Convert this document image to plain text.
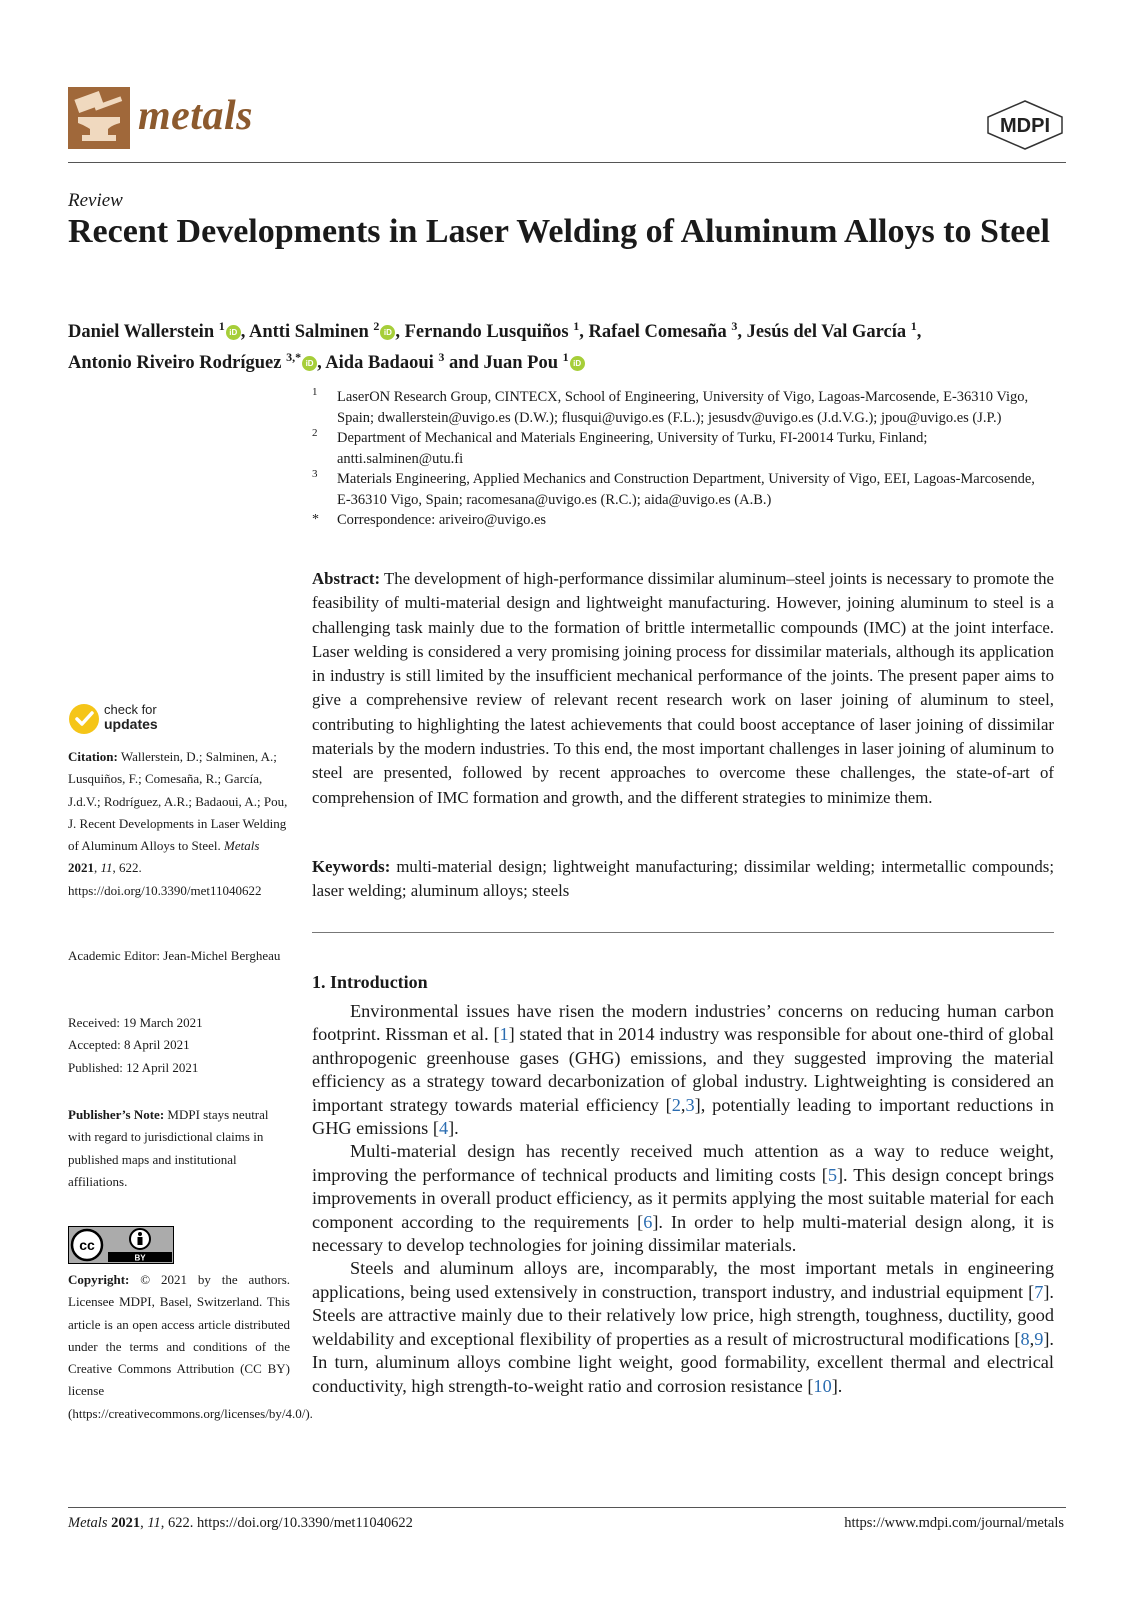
metals	MDPI
Review
Recent Developments in Laser Welding of Aluminum Alloys to Steel
Daniel Wallerstein $^1$ iD , Antti Salminen $^2$ iD , Fernando Lusquiños $^1$, Rafael Comesaña $^3$, Jesús del Val García $^1$,
Antonio Riveiro Rodríguez $^{3,*}$ iD , Aida Badaoui $^3$ and Juan Pou $^1$ iD
1 LaserON Research Group, CINTECX, School of Engineering, University of Vigo, Lagoas-Marcosende, E-36310 Vigo, Spain; dwallerstein@uvigo.es (D.W.); flusqui@uvigo.es (F.L.); jesusdv@uvigo.es (J.d.V.G.); jpou@uvigo.es (J.P.)
2 Department of Mechanical and Materials Engineering, University of Turku, FI-20014 Turku, Finland; antti.salminen@utu.fi
3 Materials Engineering, Applied Mechanics and Construction Department, University of Vigo, EEI, Lagoas-Marcosende, E-36310 Vigo, Spain; racomesana@uvigo.es (R.C.); aida@uvigo.es (A.B.)
* Correspondence: ariveiro@uvigo.es

Abstract: The development of high-performance dissimilar aluminum–steel joints is necessary to promote the feasibility of multi-material design and lightweight manufacturing. However, joining aluminum to steel is a challenging task mainly due to the formation of brittle intermetallic compounds (IMC) at the joint interface. Laser welding is considered a very promising joining process for dissimilar materials, although its application in industry is still limited by the insufficient mechanical performance of the joints. The present paper aims to give a comprehensive review of relevant recent research work on laser joining of aluminum to steel, contributing to highlighting the latest achievements that could boost acceptance of laser joining of dissimilar materials by the modern industries. To this end, the most important challenges in laser joining of aluminum to steel are presented, followed by recent approaches to overcome these challenges, the state-of-art of comprehension of IMC formation and growth, and the different strategies to minimize them.

Keywords: multi-material design; lightweight manufacturing; dissimilar welding; intermetallic compounds; laser welding; aluminum alloys; steels

1. Introduction

Environmental issues have risen the modern industries’ concerns on reducing human carbon footprint. Rissman et al. [1] stated that in 2014 industry was responsible for about one-third of global anthropogenic greenhouse gases (GHG) emissions, and they suggested improving the material efficiency as a strategy toward decarbonization of global industry. Lightweighting is considered an important strategy towards material efficiency [2,3], potentially leading to important reductions in GHG emissions [4].

Multi-material design has recently received much attention as a way to reduce weight, improving the performance of technical products and limiting costs [5]. This design concept brings improvements in overall product efficiency, as it permits applying the most suitable material for each component according to the requirements [6]. In order to help multi-material design along, it is necessary to develop technologies for joining dissimilar materials.

Steels and aluminum alloys are, incomparably, the most important metals in engineering applications, being used extensively in construction, transport industry, and industrial equipment [7]. Steels are attractive mainly due to their relatively low price, high strength, toughness, ductility, good weldability and exceptional flexibility of properties as a result of microstructural modifications [8,9]. In turn, aluminum alloys combine light weight, good formability, excellent thermal and electrical conductivity, high strength-to-weight ratio and corrosion resistance [10].

check for
updates
Citation: Wallerstein, D.; Salminen, A.; Lusquiños, F.; Comesaña, R.; García, J.d.V.; Rodríguez, A.R.; Badaoui, A.; Pou, J. Recent Developments in Laser Welding of Aluminum Alloys to Steel. Metals 2021, 11, 622. https://doi.org/10.3390/met11040622
Academic Editor: Jean-Michel Bergheau
Received: 19 March 2021
Accepted: 8 April 2021
Published: 12 April 2021
Publisher’s Note: MDPI stays neutral with regard to jurisdictional claims in published maps and institutional affiliations.
cc
BY
Copyright: © 2021 by the authors. Licensee MDPI, Basel, Switzerland. This article is an open access article distributed under the terms and conditions of the Creative Commons Attribution (CC BY) license (https://creativecommons.org/licenses/by/4.0/).
Metals 2021, 11, 622. https://doi.org/10.3390/met11040622	https://www.mdpi.com/journal/metals
